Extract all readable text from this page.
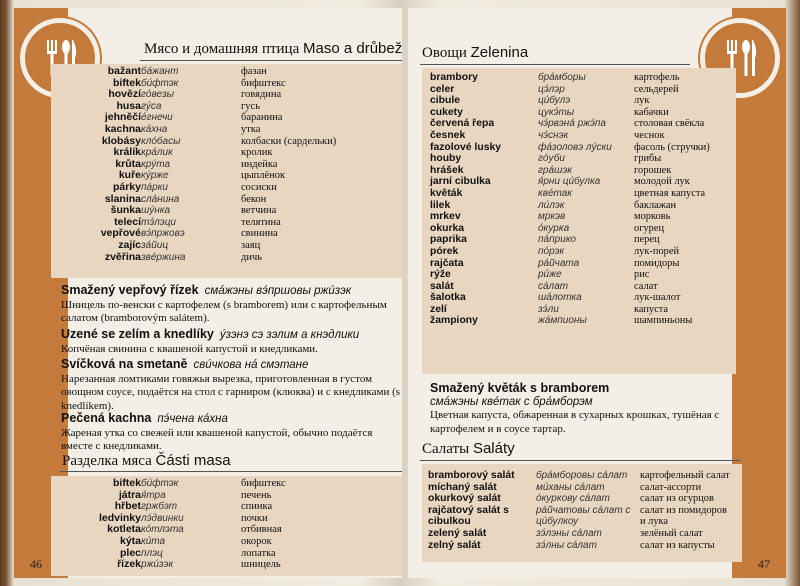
Мясо и домашняя птица Maso a drůbež
bažant	бáжант	фазан
biftek	бúфтэк	бифштекс
hovězí	гóвезы	говядина
husa	гýса	гусь
jehněčí	éгнечи	баранина
kachna	кáхна	утка
klobásy	клóбасы	колбаски (сардельки)
králík	крáлик	кролик
krůta	крýта	индейка
kuře	кýрже	цыплёнок
párky	пáрки	сосиски
slanina	слáнина	бекон
šunka	шýнка	ветчина
telecí	тэ́лэци	телятина
vepřové	вэ́пржовэ	свинина
zajíc	зáйиц	заяц
zvěřina	звéржина	дичь
Smažený vepřový řízek смáжэны вэ́пршовы ржúзэк
Шницель по-венски с картофелем (s bramborem) или с картофельным салатом (bramborovým salátem).
Uzené se zelím a knedlíky ýзэнэ сэ зэлим а кнэдлики
Копчёная свинина с квашеной капустой и кнедликами.
Svíčková na smetaně свúчкова нá смэтане
Нарезанная ломтиками говяжья вырезка, приготовленная в густом овощном соусе, подаётся на стол с гарниром (клюква) и с кнедликами (s knedlíkem).
Pečená kachna пэ́чена кáхна
Жареная утка со свежей или квашеной капустой, обычно подаётся вместе с кнедликами.
Разделка мяса Části masa
biftek	бúфтэк	бифштекс
játra	я́тра	печень
hřbet	гржбэт	спинка
ledvinky	лэ́двинки	почки
kotleta	кóтлэта	отбивная
kýta	кúта	окорок
plec	плэц	лопатка
řízek	ржúзэк	шницель
46
Овощи Zelenina
brambory	брáмборы	картофель
celer	цэ́лэр	сельдерей
cibule	цúбулэ	лук
cukety	цукэ́ты	кабачки
červená řepa	чэ́рвэнá ржэ́па	столовая свёкла
česnek	чэ́снэк	чеснок
fazolové lusky	фáзоловэ лýски	фасоль (стручки)
houby	гóуби	грибы
hrášek	грáшэк	горошек
jarní cibulka	я́рни цúбулка	молодой лук
květák	квéтак	цветная капуста
lilek	лúлэк	баклажан
mrkev	мркэв	морковь
okurka	óкурка	огурец
paprika	пáприко	перец
pórek	пóрэк	лук-порей
rajčata	рáйчата	помидоры
rýže	рúже	рис
salát	сáлат	салат
šalotka	шáлотка	лук-шалот
zelí	зэ́ли	капуста
žampiony	жáмпионы	шампиньоны
Smažený květák s bramborem
смáжэны квéтак с брáмборэм
Цветная капуста, обжаренная в сухарных крошках, тушёная с картофелем и в соусе тартар.
Салаты Saláty
bramborový salát	брáмборовы сáлат	картофельный салат
míchaný salát	мúханы сáлат	салат-ассорти
okurkový salát	óкуркову сáлат	салат из огурцов
rajčatový salát s	рáйчатовы сáлат с	салат из помидоров
cibulkou	цúбулкоу	и лука
zelený salát	зэ́лэны сáлат	зелёный салат
zelný salát	зэ́лны сáлат	салат из капусты
47
